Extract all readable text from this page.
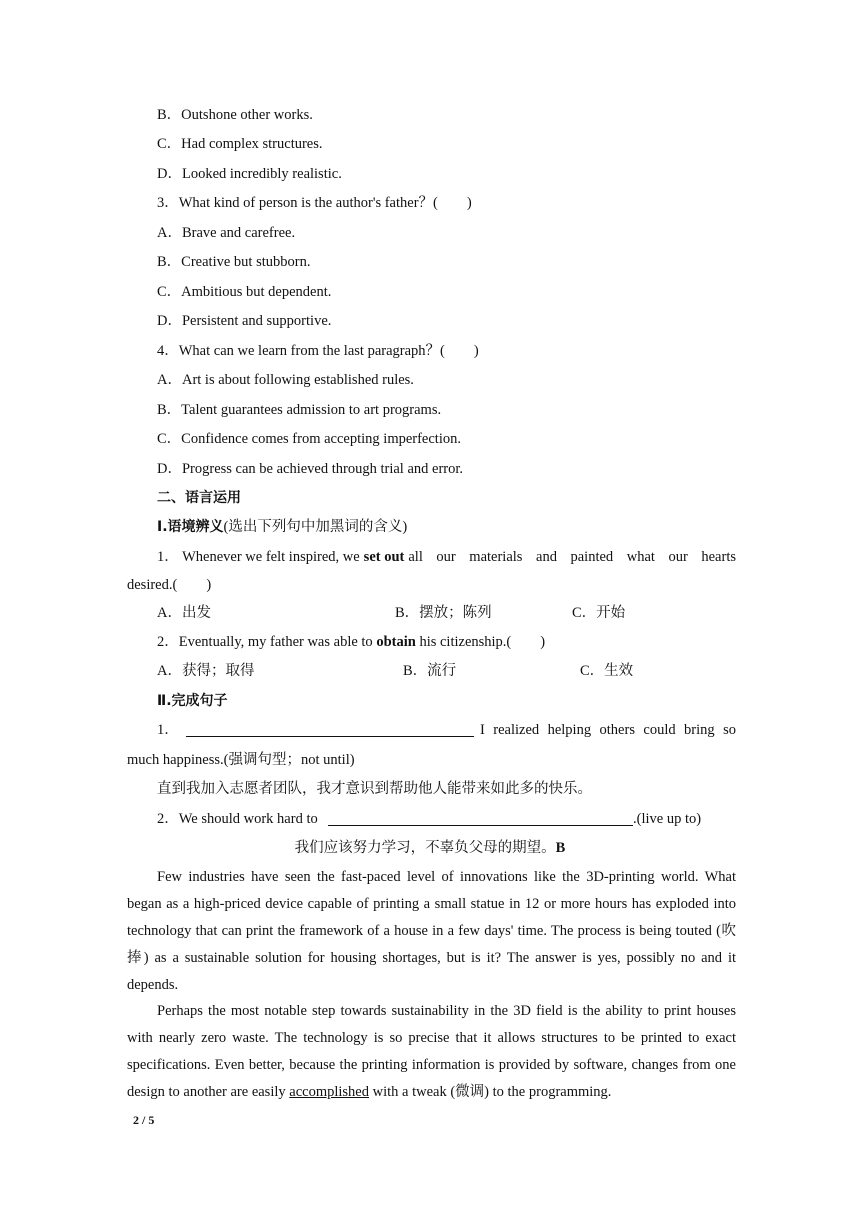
B．Outshone other works.
C．Had complex structures.
D．Looked incredibly realistic.
3．What kind of person is the author's father？(　　)
A．Brave and carefree.
B．Creative but stubborn.
C．Ambitious but dependent.
D．Persistent and supportive.
4．What can we learn from the last paragraph？(　　)
A．Art is about following established rules.
B．Talent guarantees admission to art programs.
C．Confidence comes from accepting imperfection.
D．Progress can be achieved through trial and error.
二、语言运用
Ⅰ.语境辨义(选出下列句中加黑词的含义)
1． Whenever we felt inspired, we set out all our materials and painted what our hearts
desired.(　　)
A．出发	B．摆放；陈列	C．开始
2．Eventually, my father was able to obtain his citizenship.(　　)
A．获得；取得	B．流行	C．生效
Ⅱ.完成句子
1．	I realized helping others could bring so
much happiness.(强调句型；not until)
直到我加入志愿者团队，我才意识到帮助他人能带来如此多的快乐。
2．We should work hard to	.(live up to)
我们应该努力学习，不辜负父母的期望。B
Few industries have seen the fast-paced level of innovations like the 3D-printing world. What began as a high-priced device capable of printing a small statue in 12 or more hours has exploded into technology that can print the framework of a house in a few days' time. The process is being touted (吹捧) as a sustainable solution for housing shortages, but is it? The answer is yes, possibly no and it depends.
Perhaps the most notable step towards sustainability in the 3D field is the ability to print houses with nearly zero waste. The technology is so precise that it allows structures to be printed to exact specifications. Even better, because the printing information is provided by software, changes from one design to another are easily accomplished with a tweak (微调) to the programming.
2 / 5
